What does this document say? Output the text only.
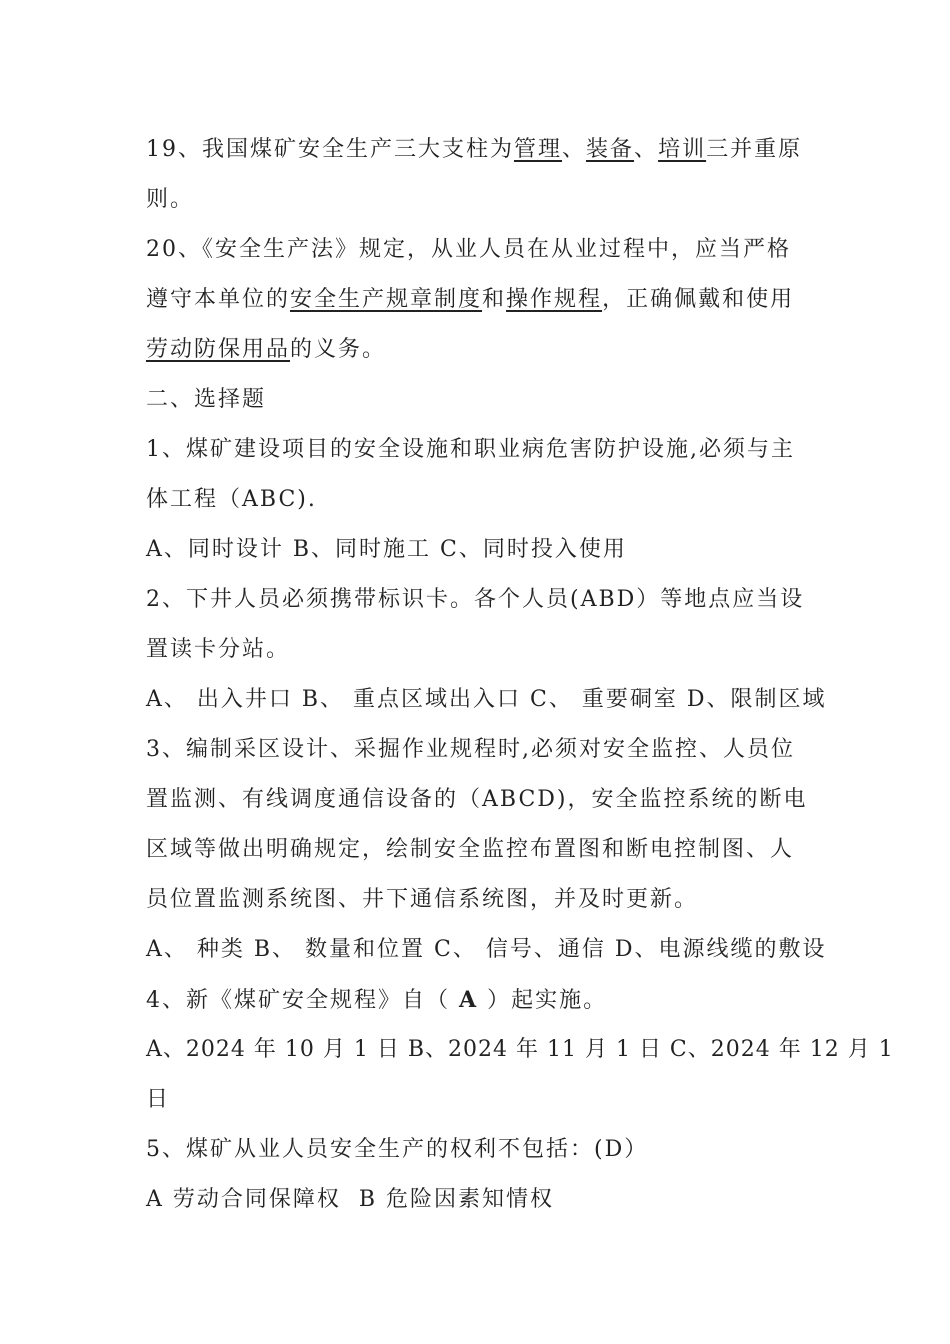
19、我国煤矿安全生产三大支柱为管理、装备、培训三并重原
则。
20、《安全生产法》规定，从业人员在从业过程中，应当严格
遵守本单位的安全生产规章制度和操作规程，正确佩戴和使用
劳动防保用品的义务。
二、选择题
1、煤矿建设项目的安全设施和职业病危害防护设施,必须与主
体工程（ABC).
A、同时设计 B、同时施工 C、同时投入使用
2、下井人员必须携带标识卡。各个人员(ABD）等地点应当设
置读卡分站。
A、 出入井口 B、 重点区域出入口 C、 重要硐室 D、限制区域
3、编制采区设计、采掘作业规程时,必须对安全监控、人员位
置监测、有线调度通信设备的（ABCD)，安全监控系统的断电
区域等做出明确规定，绘制安全监控布置图和断电控制图、人
员位置监测系统图、井下通信系统图，并及时更新。
A、 种类 B、 数量和位置 C、 信号、通信 D、电源线缆的敷设
4、新《煤矿安全规程》自（ A ）起实施。
A、2024 年 10 月 1 日 B、2024 年 11 月 1 日 C、2024 年 12 月 1
日
5、煤矿从业人员安全生产的权利不包括：(D）
A 劳动合同保障权 B 危险因素知情权
